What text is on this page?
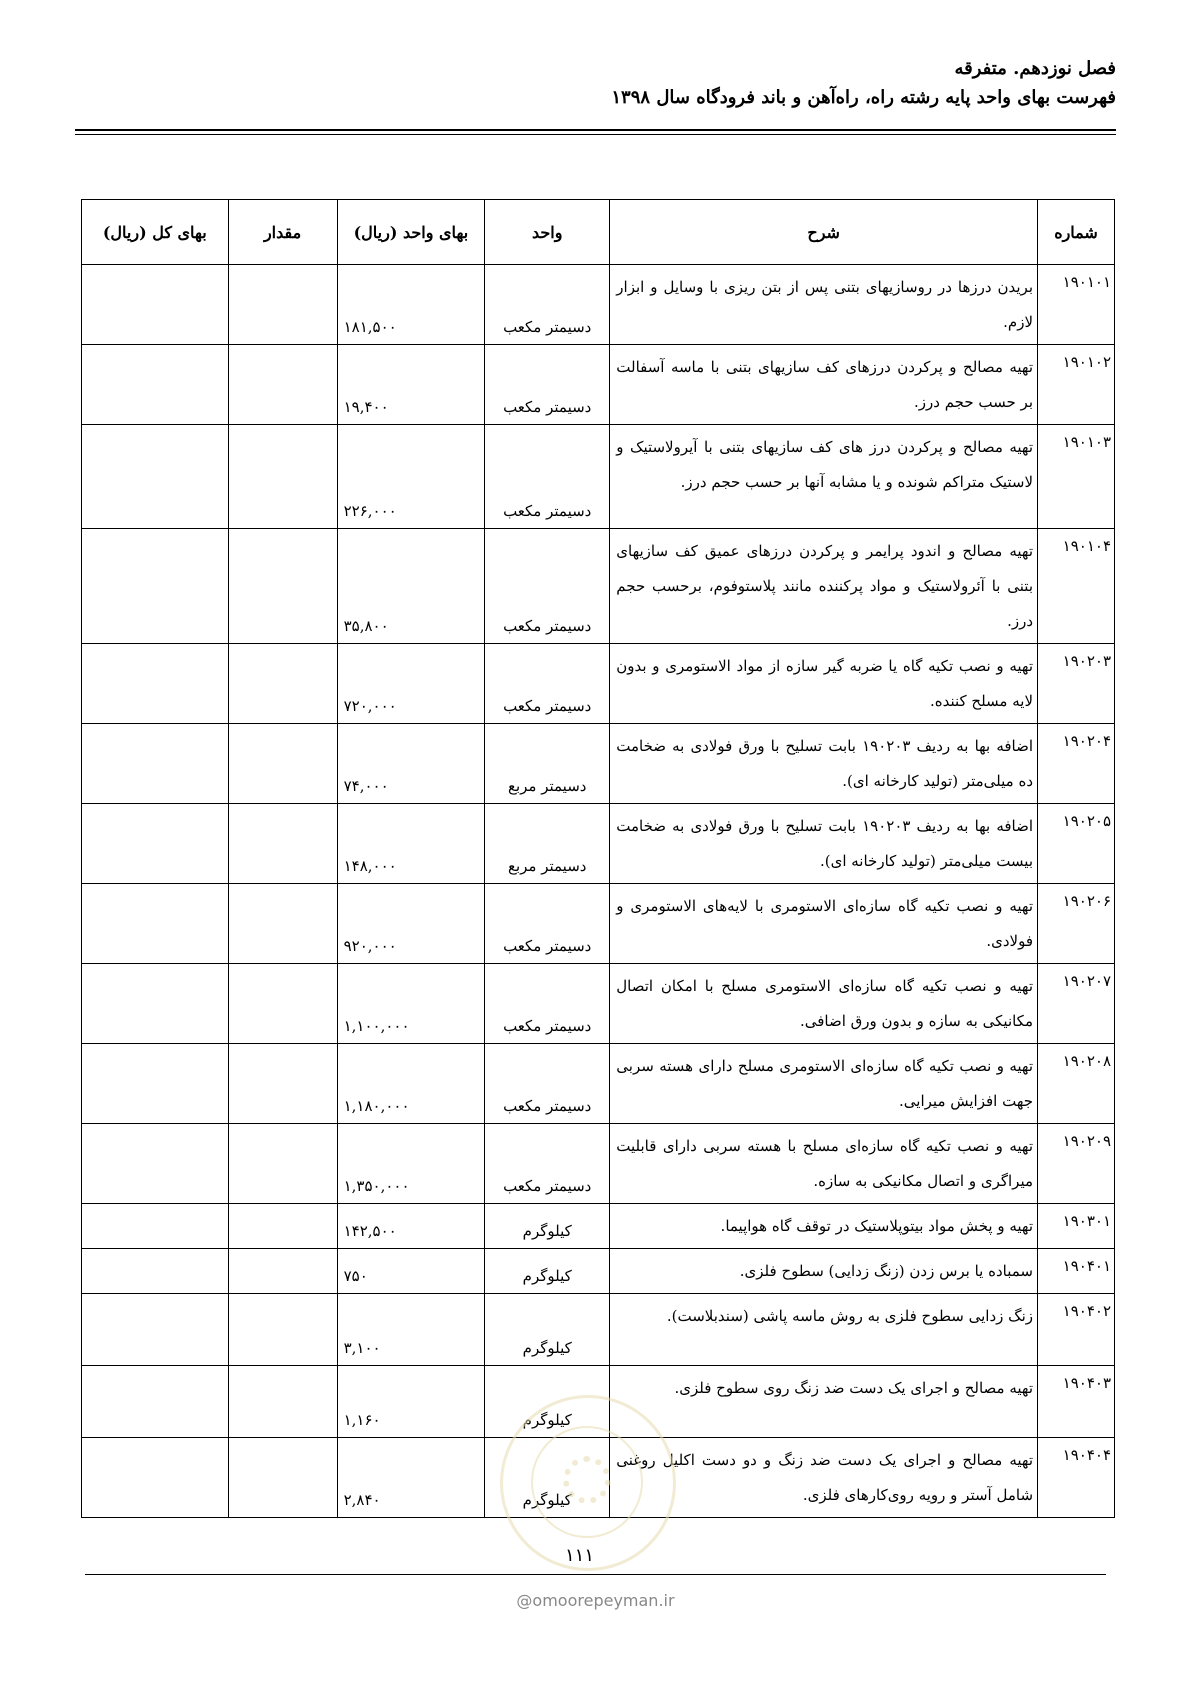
فصل نوزدهم. متفرقه
فهرست بهای واحد پایه رشته راه، راه‌آهن و باند فرودگاه سال ۱۳۹۸
شماره	شرح	واحد	بهای واحد (ریال)	مقدار	بهای کل (ریال)
۱۹۰۱۰۱	بریدن درزها در روسازیهای بتنی پس از بتن ریزی با وسایل و ابزار لازم.	دسیمتر مکعب	۱۸۱,۵۰۰		
۱۹۰۱۰۲	تهیه مصالح و پرکردن درزهای کف سازیهای بتنی با ماسه آسفالت بر حسب حجم درز.	دسیمتر مکعب	۱۹,۴۰۰		
۱۹۰۱۰۳	تهیه مصالح و پرکردن درز های کف سازیهای بتنی با آیرولاستیک و لاستیک متراکم شونده و یا مشابه آنها بر حسب حجم درز.	دسیمتر مکعب	۲۲۶,۰۰۰		
۱۹۰۱۰۴	تهیه مصالح و اندود پرایمر و پرکردن درزهای عمیق کف سازیهای بتنی با آئرولاستیک و مواد پرکننده مانند پلاستوفوم، برحسب حجم درز.	دسیمتر مکعب	۳۵,۸۰۰		
۱۹۰۲۰۳	تهیه و نصب تکیه گاه یا ضربه گیر سازه از مواد الاستومری و بدون لایه مسلح کننده.	دسیمتر مکعب	۷۲۰,۰۰۰		
۱۹۰۲۰۴	اضافه بها به ردیف ۱۹۰۲۰۳ بابت تسلیح با ورق فولادی به ضخامت ده میلی‌متر (تولید کارخانه ای).	دسیمتر مربع	۷۴,۰۰۰		
۱۹۰۲۰۵	اضافه بها به ردیف ۱۹۰۲۰۳ بابت تسلیح با ورق فولادی به ضخامت بیست میلی‌متر (تولید کارخانه ای).	دسیمتر مربع	۱۴۸,۰۰۰		
۱۹۰۲۰۶	تهیه و نصب تکیه گاه سازه‌ای الاستومری با لایه‌های الاستومری و فولادی.	دسیمتر مکعب	۹۲۰,۰۰۰		
۱۹۰۲۰۷	تهیه و نصب تکیه گاه سازه‌ای الاستومری مسلح با امکان اتصال مکانیکی به سازه و بدون ورق اضافی.	دسیمتر مکعب	۱,۱۰۰,۰۰۰		
۱۹۰۲۰۸	تهیه و نصب تکیه گاه سازه‌ای الاستومری مسلح دارای هسته سربی جهت افزایش میرایی.	دسیمتر مکعب	۱,۱۸۰,۰۰۰		
۱۹۰۲۰۹	تهیه و نصب تکیه گاه سازه‌ای مسلح با هسته سربی دارای قابلیت میراگری و اتصال مکانیکی به سازه.	دسیمتر مکعب	۱,۳۵۰,۰۰۰		
۱۹۰۳۰۱	تهیه و پخش مواد بیتوپلاستیک در توقف گاه هواپیما.	کیلوگرم	۱۴۲,۵۰۰		
۱۹۰۴۰۱	سمباده یا برس زدن (زنگ زدایی) سطوح فلزی.	کیلوگرم	۷۵۰		
۱۹۰۴۰۲	زنگ زدایی سطوح فلزی به روش ماسه پاشی (سندبلاست).	کیلوگرم	۳,۱۰۰		
۱۹۰۴۰۳	تهیه مصالح و اجرای یک دست ضد زنگ روی سطوح فلزی.	کیلوگرم	۱,۱۶۰		
۱۹۰۴۰۴	تهیه مصالح و اجرای یک دست ضد زنگ و دو دست اکلیل روغنی شامل آستر و رویه روی‌کارهای فلزی.	کیلوگرم	۲,۸۴۰		
۱۱۱
@omoorepeyman.ir
